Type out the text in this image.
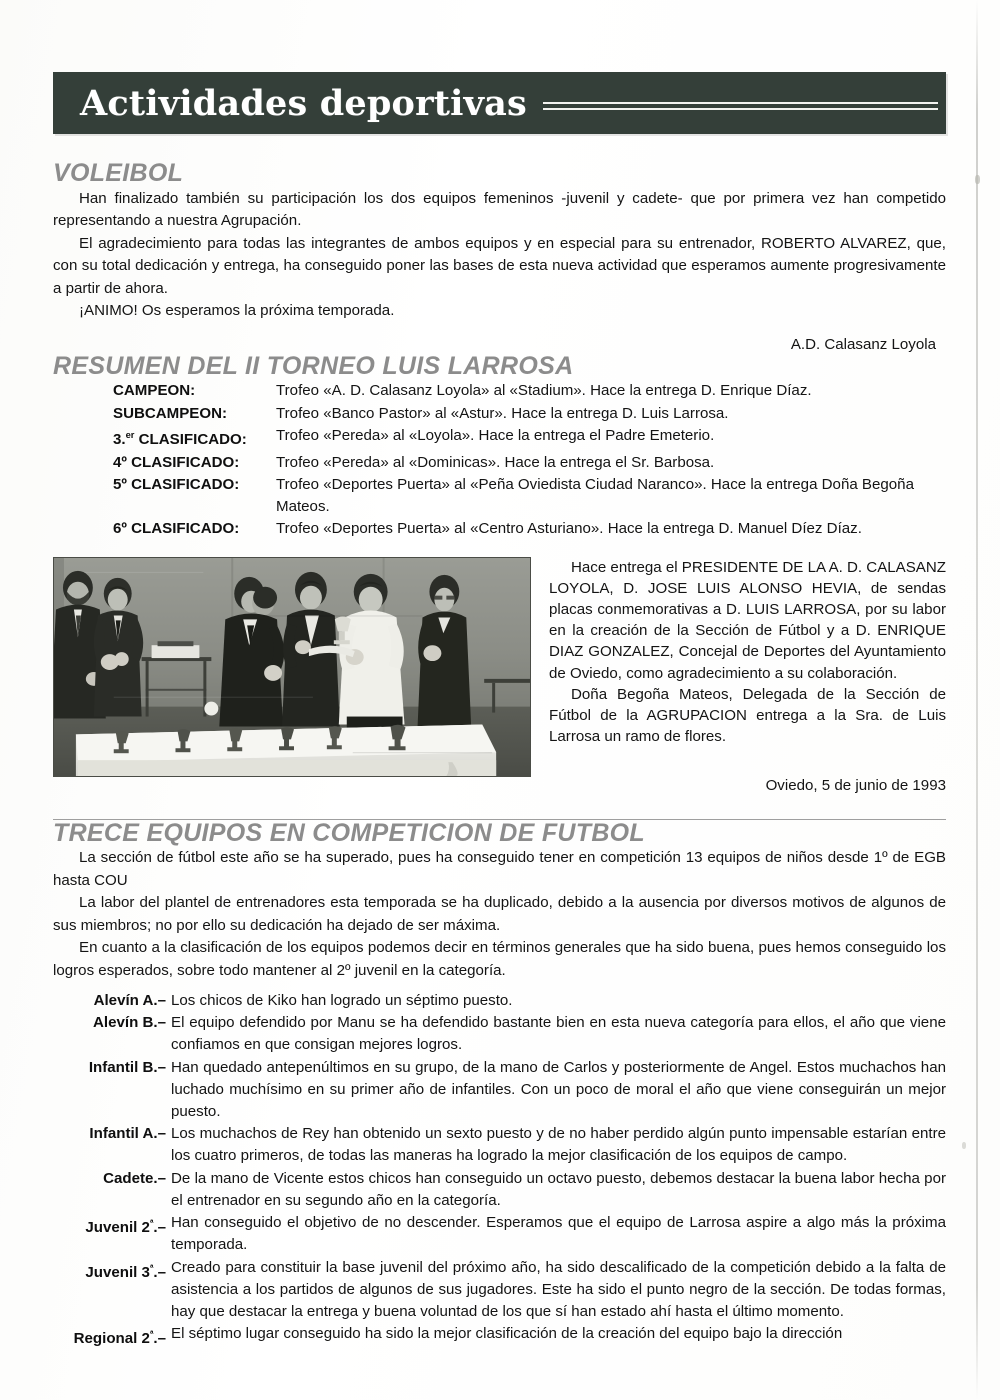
Actividades deportivas
VOLEIBOL

Han finalizado también su participación los dos equipos femeninos -juvenil y cadete- que por primera vez han competido representando a nuestra Agrupación.

El agradecimiento para todas las integrantes de ambos equipos y en especial para su entrenador, ROBERTO ALVAREZ, que, con su total dedicación y entrega, ha conseguido poner las bases de esta nueva actividad que esperamos aumente progresivamente a partir de ahora.

¡ANIMO! Os esperamos la próxima temporada.

A.D. Calasanz Loyola
RESUMEN DEL II TORNEO LUIS LARROSA
CAMPEON:	Trofeo «A. D. Calasanz Loyola» al «Stadium». Hace la entrega D. Enrique Díaz.
SUBCAMPEON:	Trofeo «Banco Pastor» al «Astur». Hace la entrega D. Luis Larrosa.
3.$^{er}$ CLASIFICADO:	Trofeo «Pereda» al «Loyola». Hace la entrega el Padre Emeterio.
4º CLASIFICADO:	Trofeo «Pereda» al «Dominicas». Hace la entrega el Sr. Barbosa.
5º CLASIFICADO:	Trofeo «Deportes Puerta» al «Peña Oviedista Ciudad Naranco». Hace la entrega Doña Begoña Mateos.
6º CLASIFICADO:	Trofeo «Deportes Puerta» al «Centro Asturiano». Hace la entrega D. Manuel Díez Díaz.

Hace entrega el PRESIDENTE DE LA A. D. CALASANZ LOYOLA, D. JOSE LUIS ALONSO HEVIA, de sendas placas conmemorativas a D. LUIS LARROSA, por su labor en la creación de la Sección de Fútbol y a D. ENRIQUE DIAZ GONZALEZ, Concejal de Deportes del Ayuntamiento de Oviedo, como agradecimiento a su colaboración.

Doña Begoña Mateos, Delegada de la Sección de Fútbol de la AGRUPACION entrega a la Sra. de Luis Larrosa un ramo de flores.

Oviedo, 5 de junio de 1993

TRECE EQUIPOS EN COMPETICION DE FUTBOL

La sección de fútbol este año se ha superado, pues ha conseguido tener en competición 13 equipos de niños desde 1º de EGB hasta COU

La labor del plantel de entrenadores esta temporada se ha duplicado, debido a la ausencia por diversos motivos de algunos de sus miembros; no por ello su dedicación ha dejado de ser máxima.

En cuanto a la clasificación de los equipos podemos decir en términos generales que ha sido buena, pues hemos conseguido los logros esperados, sobre todo mantener al 2º juvenil en la categoría.

Alevín A.– Los chicos de Kiko han logrado un séptimo puesto.
Alevín B.– El equipo defendido por Manu se ha defendido bastante bien en esta nueva categoría para ellos, el año que viene confiamos en que consigan mejores logros.
Infantil B.– Han quedado antepenúltimos en su grupo, de la mano de Carlos y posteriormente de Angel. Estos muchachos han luchado muchísimo en su primer año de infantiles. Con un poco de moral el año que viene conseguirán un mejor puesto.
Infantil A.– Los muchachos de Rey han obtenido un sexto puesto y de no haber perdido algún punto impensable estarían entre los cuatro primeros, de todas las maneras ha logrado la mejor clasificación de los equipos de campo.
Cadete.– De la mano de Vicente estos chicos han conseguido un octavo puesto, debemos destacar la buena labor hecha por el entrenador en su segundo año en la categoría.
Juvenil $2^ª.-$ Han conseguido el objetivo de no descender. Esperamos que el equipo de Larrosa aspire a algo más la próxima temporada.
Juvenil $3^ª.-$ Creado para constituir la base juvenil del próximo año, ha sido descalificado de la competición debido a la falta de asistencia a los partidos de algunos de sus jugadores. Este ha sido el punto negro de la sección. De todas formas, hay que destacar la entrega y buena voluntad de los que sí han estado ahí hasta el último momento.
Regional $2^ª.-$ El séptimo lugar conseguido ha sido la mejor clasificación de la creación del equipo bajo la dirección
